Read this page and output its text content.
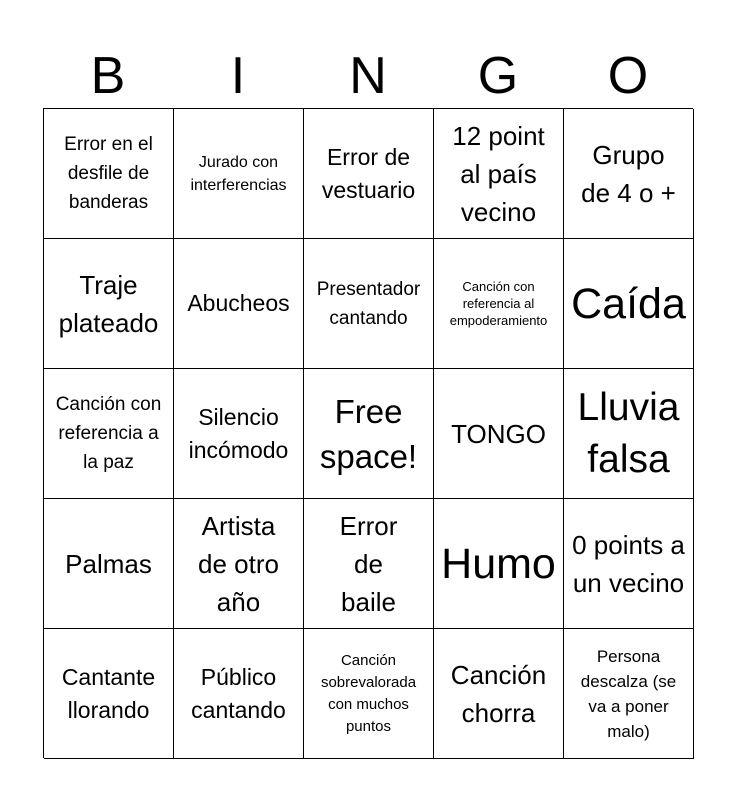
B	I	N	G	O
Error en el desfile de banderas
Jurado con interferencias
Error de vestuario
12 point al país vecino
Grupo de 4 o +
Traje plateado
Abucheos
Presentador cantando
Canción con referencia al empoderamiento Caída
Canción con referencia a la paz
Silencio incómodo
Free space!
TONGO
Lluvia falsa
Palmas
Artista de otro año
Error de baile
Humo 0 points a un vecino
Cantante llorando
Público cantando
Canción sobrevalorada con muchos puntos
Canción chorra
Persona descalza (se va a poner malo)
